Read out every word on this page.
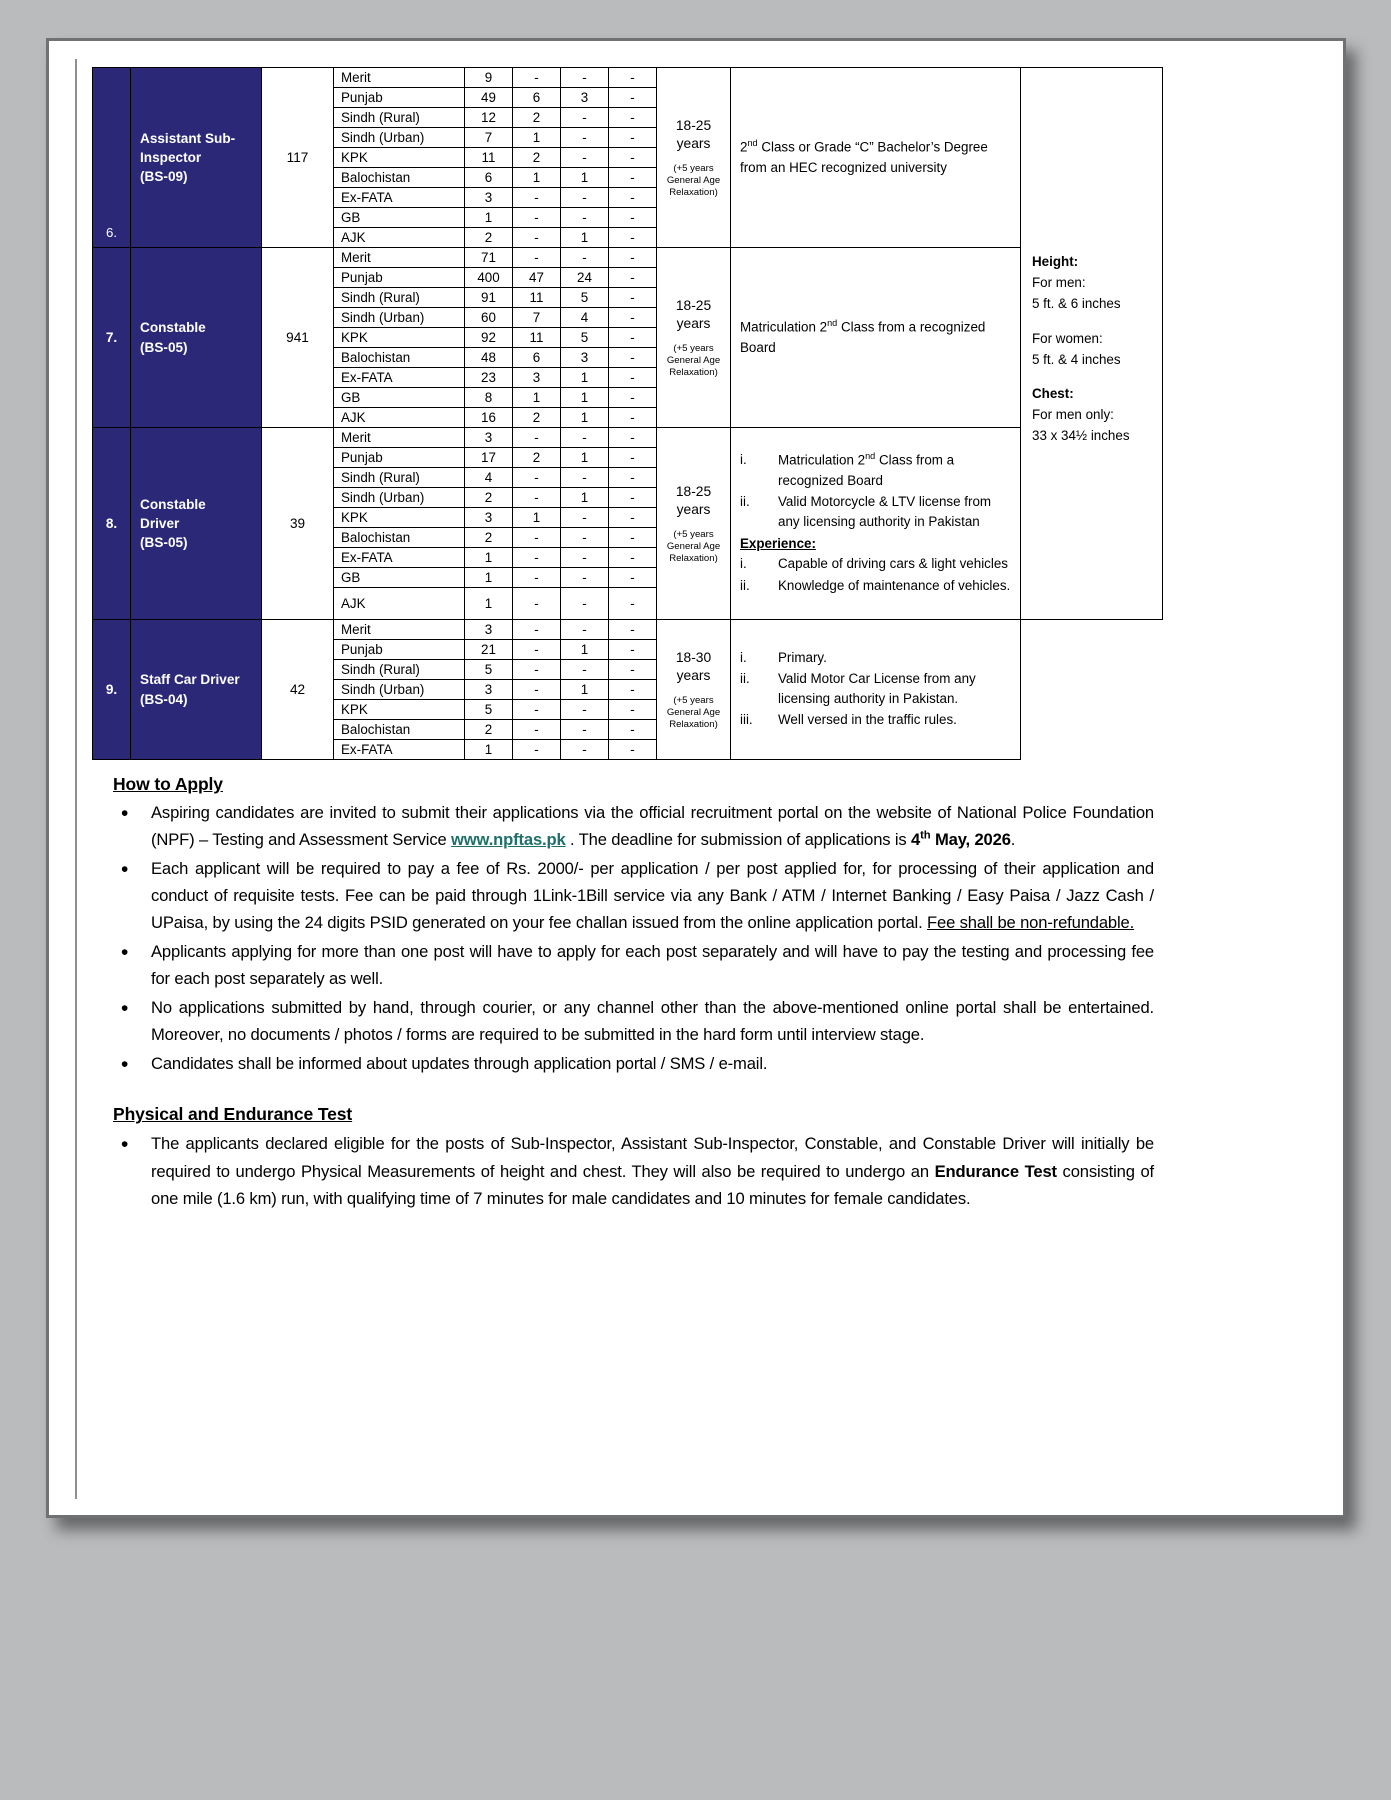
6.	
Assistant Sub-
Inspector
(BS-09)
	117	Merit	9	-	-	-	
18-25
years
(+5 years
General Age
Relaxation)

2nd Class or Grade “C” Bachelor’s Degree from an HEC recognized university

Height:
For men:
5 ft. & 6 inches
For women:
5 ft. & 4 inches
Chest:
For men only:
33 x 34½ inches

			Punjab	49	6	3	-			
			Sindh (Rural)	12	2	-	-			
			Sindh (Urban)	7	1	-	-			
			KPK	11	2	-	-			
			Balochistan	6	1	1	-			
			Ex-FATA	3	-	-	-			
			GB	1	-	-	-			
			AJK	2	-	1	-			
7.	
Constable
(BS-05)
	941	Merit	71	-	-	-	
18-25
years
(+5 years
General Age
Relaxation)

Matriculation 2nd Class from a recognized Board

			Punjab	400	47	24	-			
			Sindh (Rural)	91	11	5	-			
			Sindh (Urban)	60	7	4	-			
			KPK	92	11	5	-			
			Balochistan	48	6	3	-			
			Ex-FATA	23	3	1	-			
			GB	8	1	1	-			
			AJK	16	2	1	-			
8.	
Constable
Driver
(BS-05)
	39	Merit	3	-	-	-	
18-25
years
(+5 years
General Age
Relaxation)

i.	Matriculation 2nd Class from a recognized Board
ii.	Valid Motorcycle & LTV license from any licensing authority in Pakistan
Experience:
i.	Capable of driving cars & light vehicles
ii.	Knowledge of maintenance of vehicles.

			Punjab	17	2	1	-			
			Sindh (Rural)	4	-	-	-			
			Sindh (Urban)	2	-	1	-			
			KPK	3	1	-	-			
			Balochistan	2	-	-	-			
			Ex-FATA	1	-	-	-			
			GB	1	-	-	-			
			AJK	1	-	-	-			
9.	
Staff Car Driver
(BS-04)
	42	Merit	3	-	-	-	
18-30
years
(+5 years
General Age
Relaxation)

i.	Primary.
ii.	Valid Motor Car License from any licensing authority in Pakistan.
iii.	Well versed in the traffic rules.

			Punjab	21	-	1	-			
			Sindh (Rural)	5	-	-	-			
			Sindh (Urban)	3	-	1	-			
			KPK	5	-	-	-			
			Balochistan	2	-	-	-			
			Ex-FATA	1	-	-	-			
How to Apply
• Aspiring candidates are invited to submit their applications via the official recruitment portal on the website of National Police Foundation (NPF) – Testing and Assessment Service www.npftas.pk . The deadline for submission of applications is 4th May, 2026.
• Each applicant will be required to pay a fee of Rs. 2000/- per application / per post applied for, for processing of their application and conduct of requisite tests. Fee can be paid through 1Link-1Bill service via any Bank / ATM / Internet Banking / Easy Paisa / Jazz Cash / UPaisa, by using the 24 digits PSID generated on your fee challan issued from the online application portal. Fee shall be non-refundable.
• Applicants applying for more than one post will have to apply for each post separately and will have to pay the testing and processing fee for each post separately as well.
• No applications submitted by hand, through courier, or any channel other than the above-mentioned online portal shall be entertained. Moreover, no documents / photos / forms are required to be submitted in the hard form until interview stage.
• Candidates shall be informed about updates through application portal / SMS / e-mail.
Physical and Endurance Test
• The applicants declared eligible for the posts of Sub-Inspector, Assistant Sub-Inspector, Constable, and Constable Driver will initially be required to undergo Physical Measurements of height and chest. They will also be required to undergo an Endurance Test consisting of one mile (1.6 km) run, with qualifying time of 7 minutes for male candidates and 10 minutes for female candidates.
